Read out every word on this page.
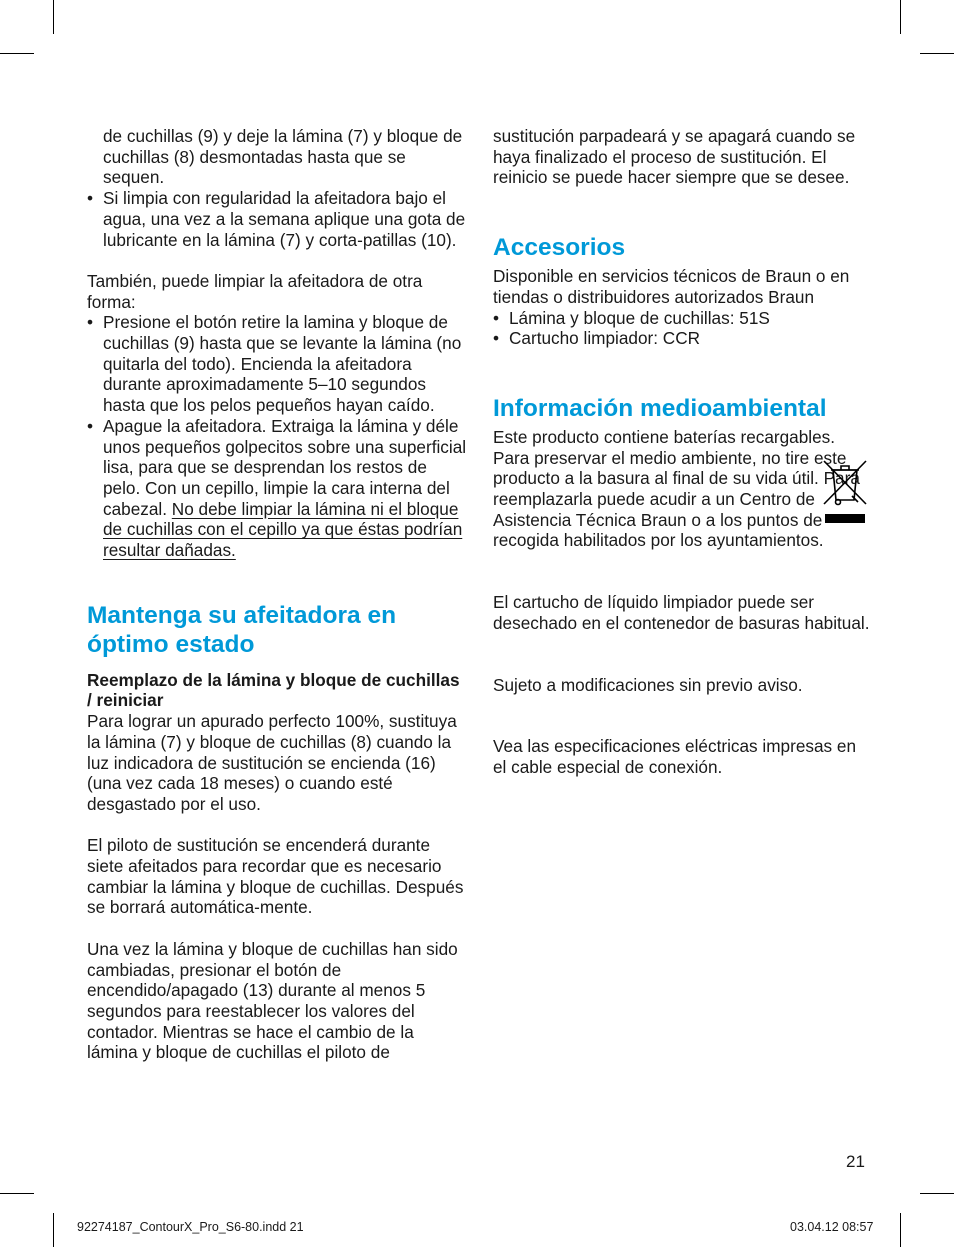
de cuchillas (9) y deje la lámina (7) y bloque de cuchillas (8) desmontadas hasta que se sequen.

• Si limpia con regularidad la afeitadora bajo el agua, una vez a la semana aplique una gota de lubricante en la lámina (7) y corta-patillas (10).

También, puede limpiar la afeitadora de otra forma:

• Presione el botón retire la lamina y bloque de cuchillas (9) hasta que se levante la lámina (no quitarla del todo). Encienda la afeitadora durante aproximadamente 5–10 segundos hasta que los pelos pequeños hayan caído.

• Apague la afeitadora. Extraiga la lámina y déle unos pequeños golpecitos sobre una superficial lisa, para que se desprendan los restos de pelo. Con un cepillo, limpie la cara interna del cabezal. No debe limpiar la lámina ni el bloque de cuchillas con el cepillo ya que éstas podrían resultar dañadas.

Mantenga su afeitadora en óptimo estado

Reemplazo de la lámina y bloque de cuchillas / reiniciar

Para lograr un apurado perfecto 100%, sustituya la lámina (7) y bloque de cuchillas (8) cuando la luz indicadora de sustitución se encienda (16) (una vez cada 18 meses) o cuando esté desgastado por el uso.

El piloto de sustitución se encenderá durante siete afeitados para recordar que es necesario cambiar la lámina y bloque de cuchillas. Después se borrará automática-mente.

Una vez la lámina y bloque de cuchillas han sido cambiadas, presionar el botón de encendido/apagado (13) durante al menos 5 segundos para reestablecer los valores del contador. Mientras se hace el cambio de la lámina y bloque de cuchillas el piloto de

sustitución parpadeará y se apagará cuando se haya finalizado el proceso de sustitución. El reinicio se puede hacer siempre que se desee.

Accesorios

Disponible en servicios técnicos de Braun o en tiendas o distribuidores autorizados Braun

• Lámina y bloque de cuchillas: 51S

• Cartucho limpiador: CCR

Información medioambiental

Este producto contiene baterías recargables. Para preservar el medio ambiente, no tire este producto a la basura al final de su vida útil. Para reemplazarla puede acudir a un Centro de Asistencia Técnica Braun o a los puntos de recogida habilitados por los ayuntamientos.

El cartucho de líquido limpiador puede ser desechado en el contenedor de basuras habitual.

Sujeto a modificaciones sin previo aviso.

Vea las especificaciones eléctricas impresas en el cable especial de conexión.

21
92274187_ContourX_Pro_S6-80.indd 21	03.04.12 08:57
